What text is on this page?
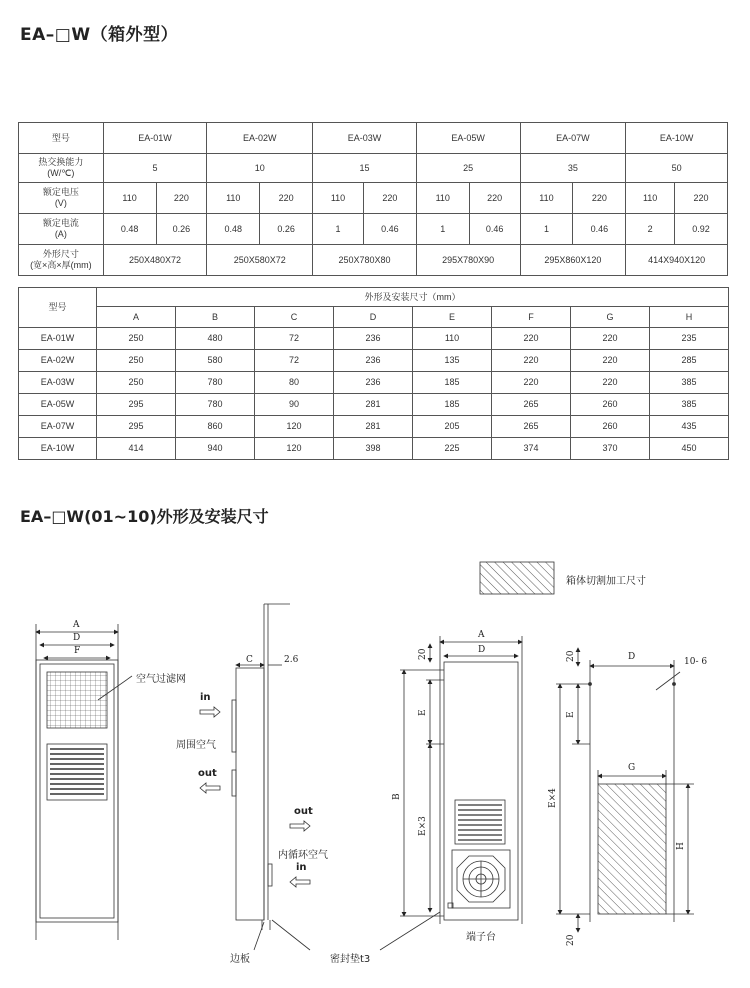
EA–□W（箱外型）
型号	EA-01W		EA-02W		EA-03W		EA-05W		EA-07W		EA-10W	
热交换能力
(W/℃)	5		10		15		25		35		50	
额定电压
(V)	110	220	110	220	110	220	110	220	110	220	110	220
额定电流
(A)	0.48	0.26	0.48	0.26	1	0.46	1	0.46	1	0.46	2	0.92
外形尺寸
(宽×高×厚(mm)	250X480X72		250X580X72		250X780X80		295X780X90		295X860X120		414X940X120	
型号	外形及安装尺寸（mm）							
	A	B	C	D	E	F	G	H
EA-01W	250	480	72	236	110	220	220	235
EA-02W	250	580	72	236	135	220	220	285
EA-03W	250	780	80	236	185	220	220	385
EA-05W	295	780	90	281	185	265	260	385
EA-07W	295	860	120	281	205	265	260	435
EA-10W	414	940	120	398	225	374	370	450
EA–□W(01~10)外形及安装尺寸
箱体切割加工尺寸
空气过滤网
in
周围空气
out
out
内循环空气
in
边板	密封垫t3
端子台
A
D
F
C	2.6
A
D
D
G
10- 6
20
E
B
E×3
20
E
E×4
H
20
